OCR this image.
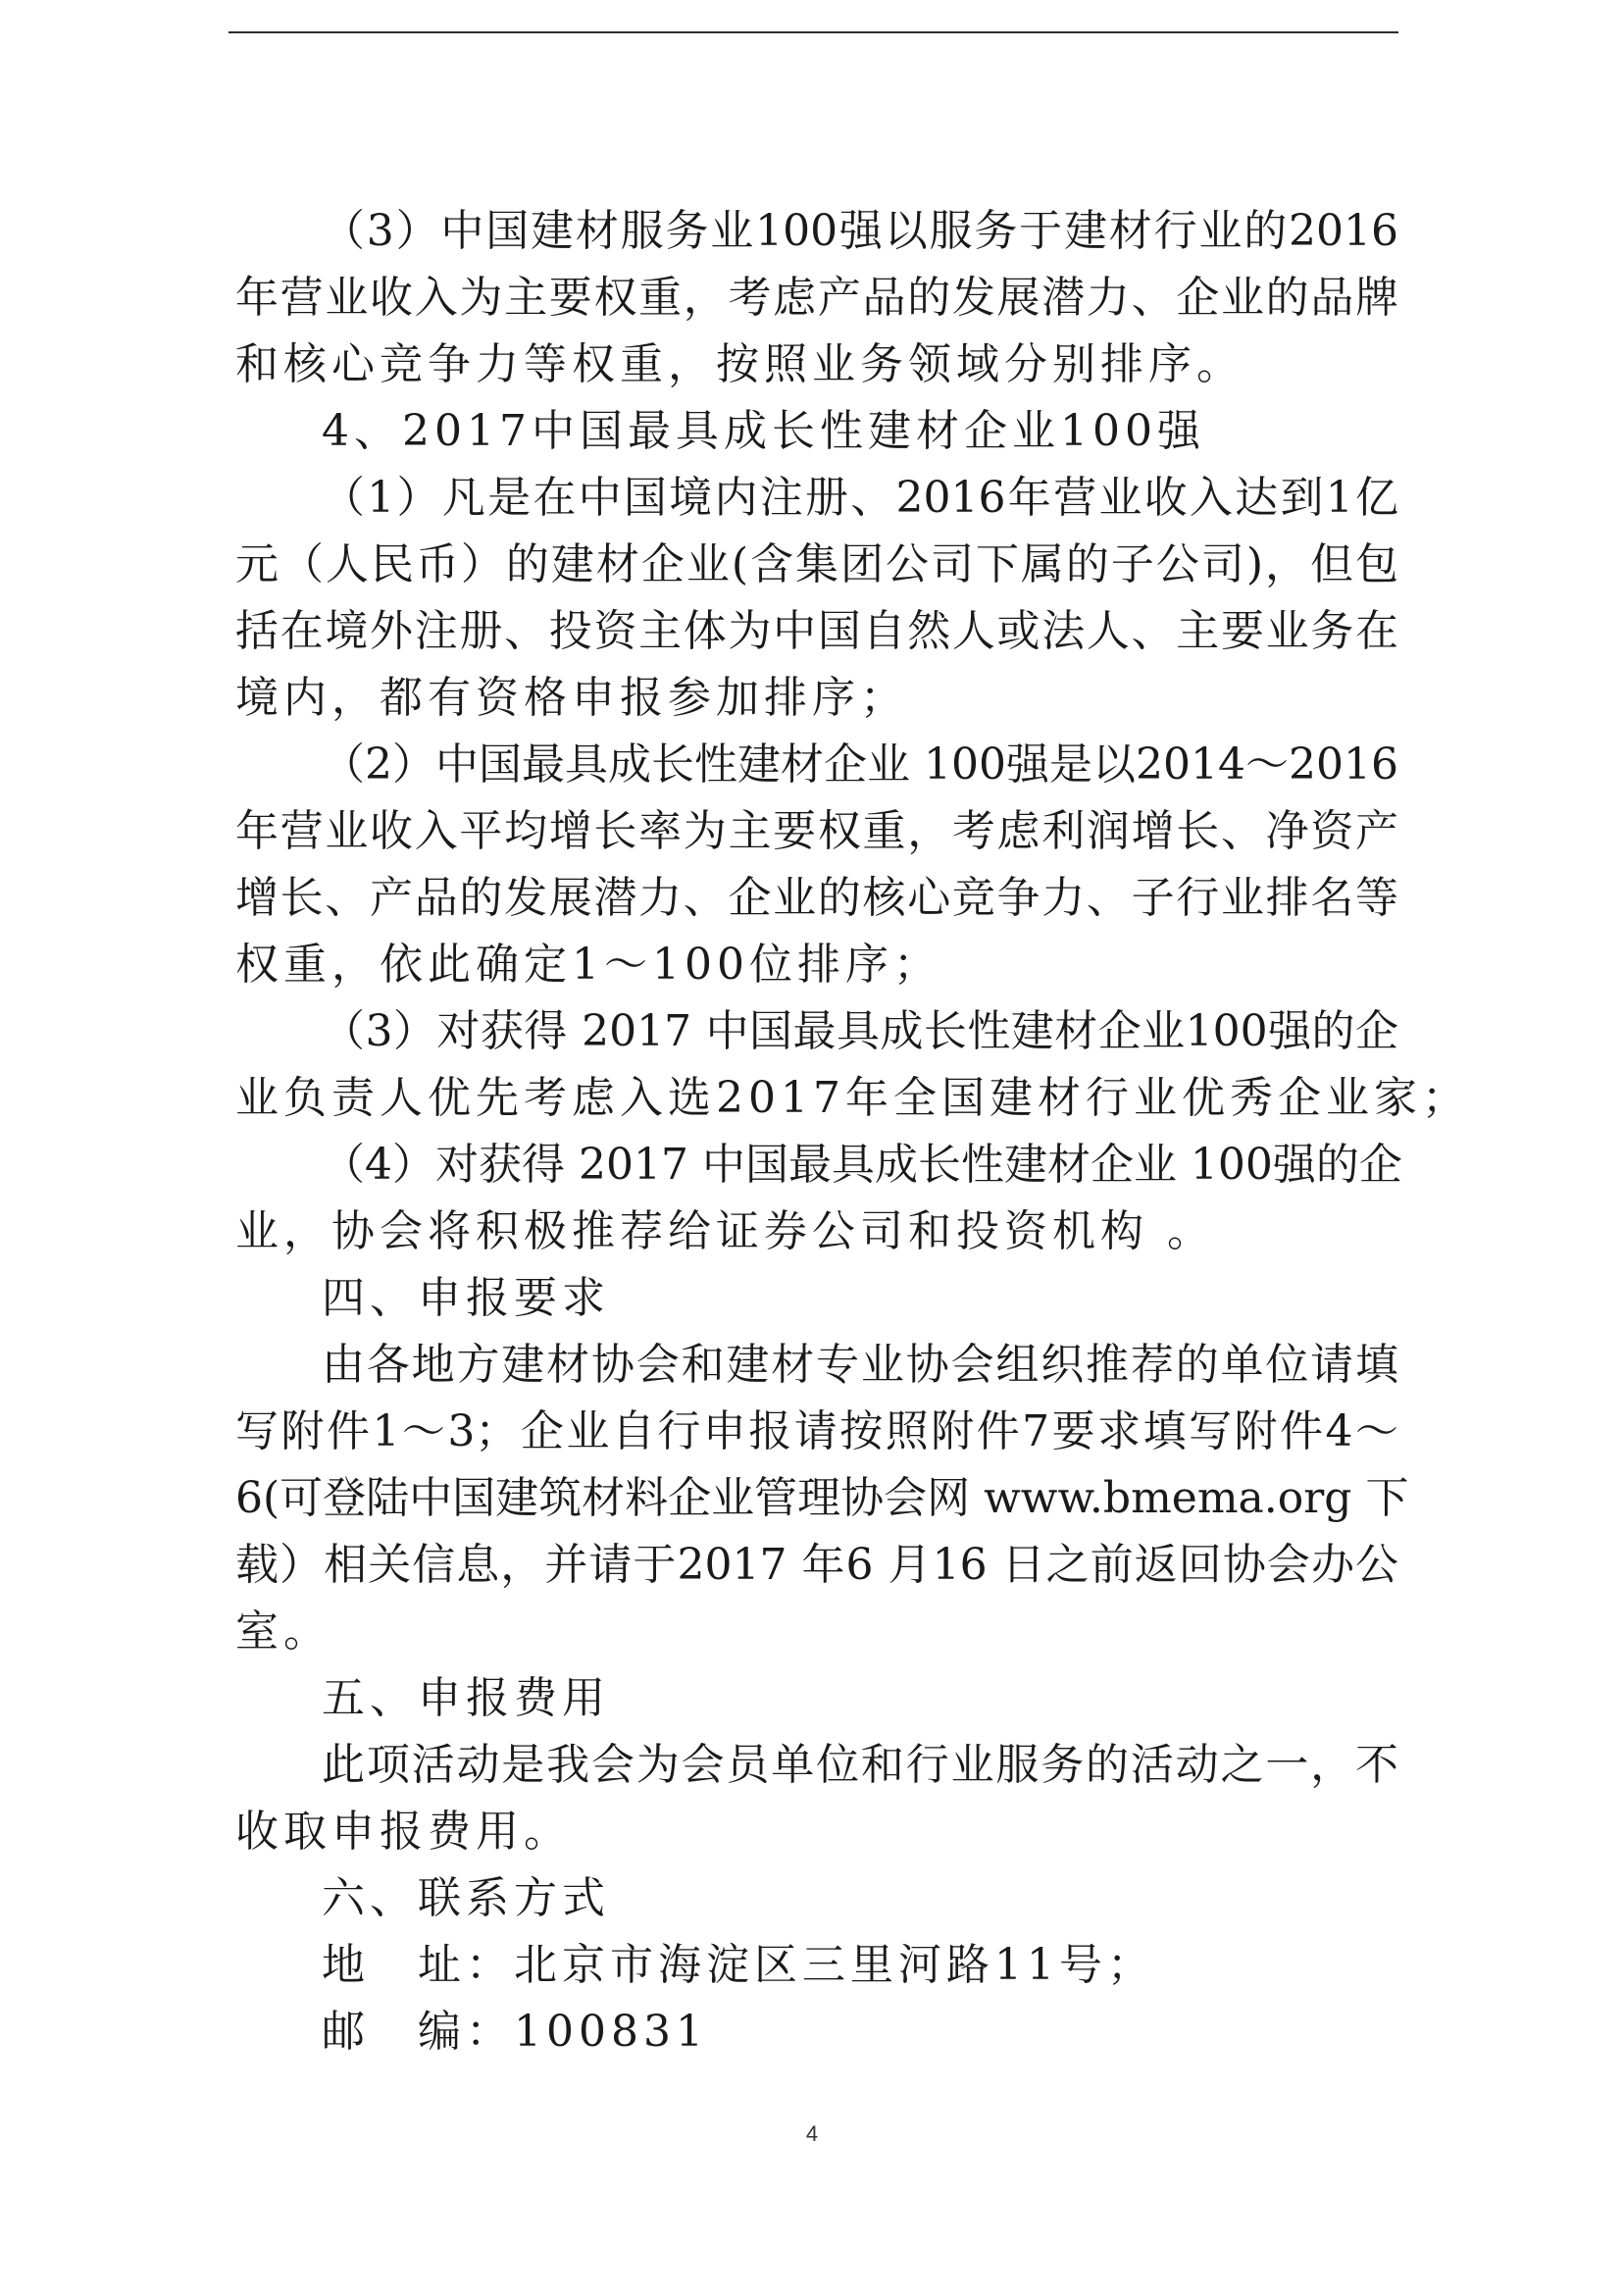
（3）中国建材服务业100强以服务于建材行业的2016
年营业收入为主要权重，考虑产品的发展潜力、企业的品牌
和核心竞争力等权重，按照业务领域分别排序。
4、2017中国最具成长性建材企业100强
（1）凡是在中国境内注册、2016年营业收入达到1亿
元（人民币）的建材企业(含集团公司下属的子公司)，但包
括在境外注册、投资主体为中国自然人或法人、主要业务在
境内，都有资格申报参加排序；
（2）中国最具成长性建材企业 100强是以2014～2016
年营业收入平均增长率为主要权重，考虑利润增长、净资产
增长、产品的发展潜力、企业的核心竞争力、子行业排名等
权重，依此确定1～100位排序；
（3）对获得 2017 中国最具成长性建材企业100强的企
业负责人优先考虑入选2017年全国建材行业优秀企业家；
（4）对获得 2017 中国最具成长性建材企业 100强的企
业，协会将积极推荐给证券公司和投资机构 。
四、申报要求
由各地方建材协会和建材专业协会组织推荐的单位请填
写附件1～3；企业自行申报请按照附件7要求填写附件4～
6(可登陆中国建筑材料企业管理协会网 www.bmema.org 下
载）相关信息，并请于2017 年6 月16 日之前返回协会办公
室。
五、申报费用
此项活动是我会为会员单位和行业服务的活动之一，不
收取申报费用。
六、联系方式
地　址：北京市海淀区三里河路11号；
邮　编：100831
4
